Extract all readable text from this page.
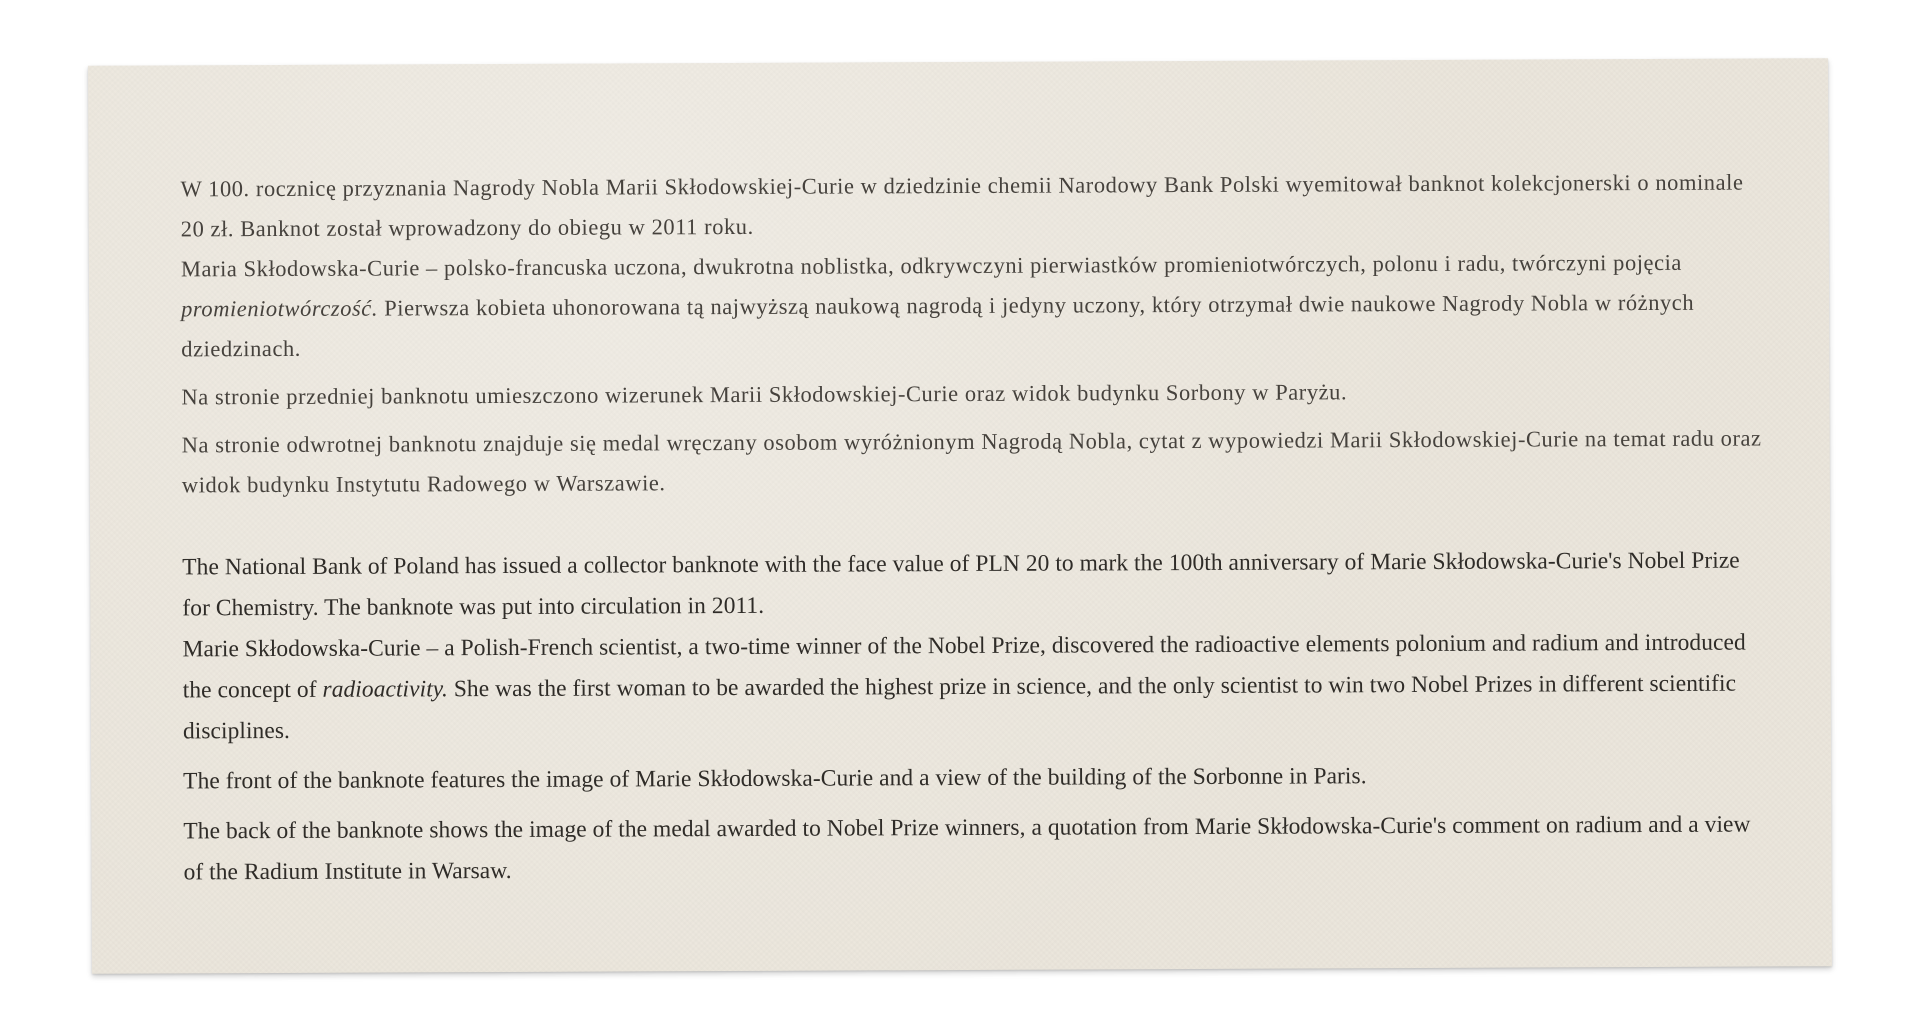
W 100. rocznicę przyznania Nagrody Nobla Marii Skłodowskiej-Curie w dziedzinie chemii Narodowy Bank Polski wyemitował banknot kolekcjonerski o nominale 20 zł. Banknot został wprowadzony do obiegu w 2011 roku.

Maria Skłodowska-Curie – polsko-francuska uczona, dwukrotna noblistka, odkrywczyni pierwiastków promieniotwórczych, polonu i radu, twórczyni pojęcia promieniotwórczość. Pierwsza kobieta uhonorowana tą najwyższą naukową nagrodą i jedyny uczony, który otrzymał dwie naukowe Nagrody Nobla w różnych dziedzinach.

Na stronie przedniej banknotu umieszczono wizerunek Marii Skłodowskiej-Curie oraz widok budynku Sorbony w Paryżu.

Na stronie odwrotnej banknotu znajduje się medal wręczany osobom wyróżnionym Nagrodą Nobla, cytat z wypowiedzi Marii Skłodowskiej-Curie na temat radu oraz widok budynku Instytutu Radowego w Warszawie.

The National Bank of Poland has issued a collector banknote with the face value of PLN 20 to mark the 100th anniversary of Marie Skłodowska-Curie's Nobel Prize for Chemistry. The banknote was put into circulation in 2011.

Marie Skłodowska-Curie – a Polish-French scientist, a two-time winner of the Nobel Prize, discovered the radioactive elements polonium and radium and introduced the concept of radioactivity. She was the first woman to be awarded the highest prize in science, and the only scientist to win two Nobel Prizes in different scientific disciplines.

The front of the banknote features the image of Marie Skłodowska-Curie and a view of the building of the Sorbonne in Paris.

The back of the banknote shows the image of the medal awarded to Nobel Prize winners, a quotation from Marie Skłodowska-Curie's comment on radium and a view of the Radium Institute in Warsaw.
